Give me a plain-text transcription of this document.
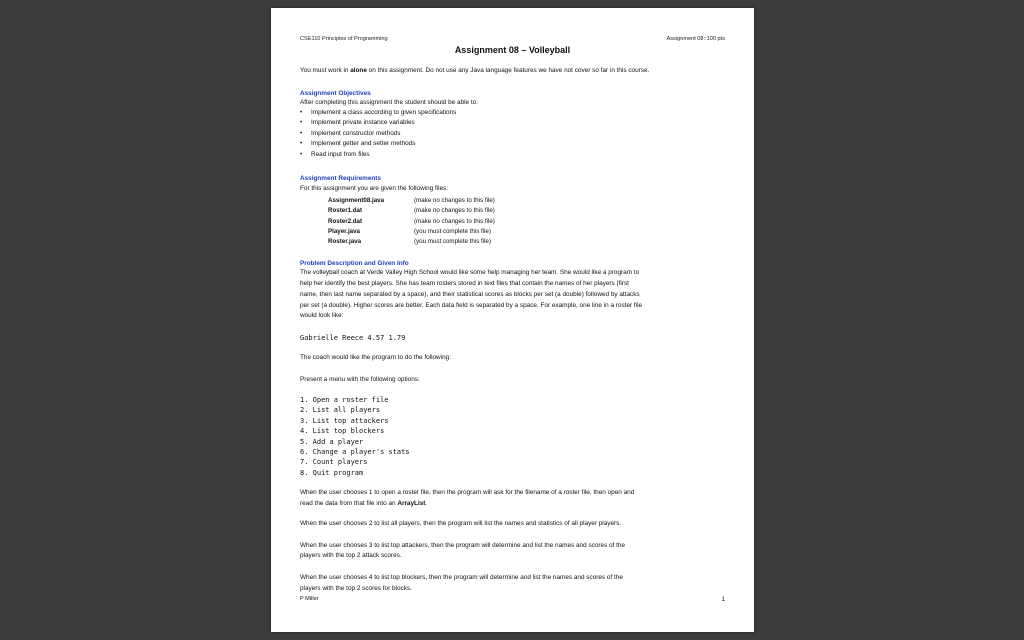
CSE110 Principles of Programming	Assignment 08::100 pts
Assignment 08 – Volleyball
You must work in alone on this assignment. Do not use any Java language features we have not cover so far in this course.
Assignment Objectives
After completing this assignment the student should be able to:
• Implement a class according to given specifications
• Implement private instance variables
• Implement constructor methods
• Implement getter and setter methods
• Read input from files
Assignment Requirements
For this assignment you are given the following files:
Assignment08.java	(make no changes to this file)
Roster1.dat	(make no changes to this file)
Roster2.dat	(make no changes to this file)
Player.java	(you must complete this file)
Roster.java	(you must complete this file)
Problem Description and Given Info
The volleyball coach at Verde Valley High School would like some help managing her team. She would like a program to
help her identify the best players. She has team rosters stored in text files that contain the names of her players (first
name, then last name separated by a space), and their statistical scores as blocks per set (a double) followed by attacks
per set (a double). Higher scores are better. Each data field is separated by a space. For example, one line in a roster file
would look like:
Gabrielle Reece 4.57 1.79
The coach would like the program to do the following:
Present a menu with the following options:
1. Open a roster file
2. List all players
3. List top attackers
4. List top blockers
5. Add a player
6. Change a player's stats
7. Count players
8. Quit program
When the user chooses 1 to open a roster file, then the program will ask for the filename of a roster file, then open and
read the data from that file into an ArrayList.
When the user chooses 2 to list all players, then the program will list the names and statistics of all player players.
When the user chooses 3 to list top attackers, then the program will determine and list the names and scores of the
players with the top 2 attack scores.
When the user chooses 4 to list top blockers, then the program will determine and list the names and scores of the
players with the top 2 scores for blocks.
P Miller	1
